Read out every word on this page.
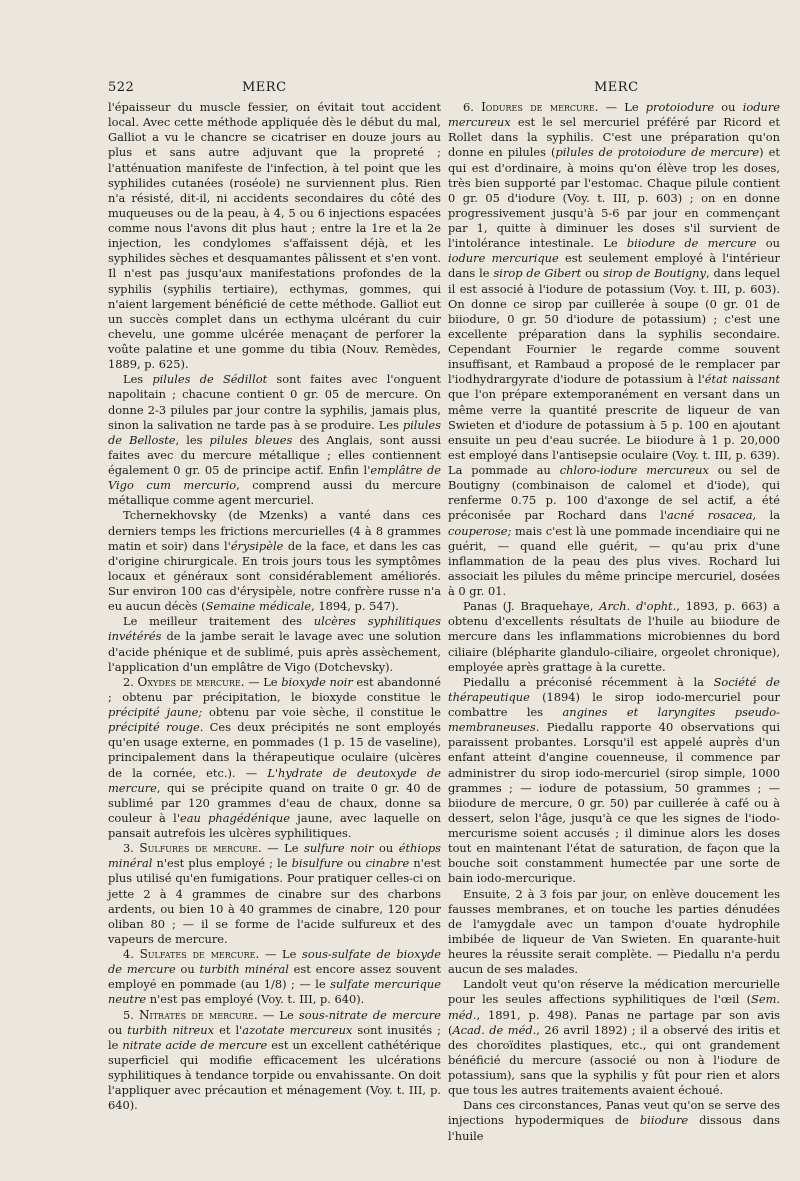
522	MERC	MERC

l'épaisseur du muscle fessier, on évitait tout accident local. Avec cette méthode appliquée dès le début du mal, Galliot a vu le chancre se cicatriser en douze jours au plus et sans autre adjuvant que la propreté ; l'atténuation manifeste de l'infection, à tel point que les syphilides cutanées (roséole) ne surviennent plus. Rien n'a résisté, dit-il, ni accidents secondaires du côté des muqueuses ou de la peau, à 4, 5 ou 6 injections espacées comme nous l'avons dit plus haut ; entre la 1re et la 2e injection, les condylomes s'affaissent déjà, et les syphilides sèches et desquamantes pâlissent et s'en vont. Il n'est pas jusqu'aux manifestations profondes de la syphilis (syphilis tertiaire), ecthymas, gommes, qui n'aient largement bénéficié de cette méthode. Galliot eut un succès complet dans un ecthyma ulcérant du cuir chevelu, une gomme ulcérée menaçant de perforer la voûte palatine et une gomme du tibia (Nouv. Remèdes, 1889, p. 625).

Les pilules de Sédillot sont faites avec l'onguent napolitain ; chacune contient 0 gr. 05 de mercure. On donne 2-3 pilules par jour contre la syphilis, jamais plus, sinon la salivation ne tarde pas à se produire. Les pilules de Belloste, les pilules bleues des Anglais, sont aussi faites avec du mercure métallique ; elles contiennent également 0 gr. 05 de principe actif. Enfin l'emplâtre de Vigo cum mercurio, comprend aussi du mercure métallique comme agent mercuriel.

Tchernekhovsky (de Mzenks) a vanté dans ces derniers temps les frictions mercurielles (4 à 8 grammes matin et soir) dans l'érysipèle de la face, et dans les cas d'origine chirurgicale. En trois jours tous les symptômes locaux et généraux sont considérablement améliorés. Sur environ 100 cas d'érysipèle, notre confrère russe n'a eu aucun décès (Semaine médicale, 1894, p. 547).

Le meilleur traitement des ulcères syphilitiques invétérés de la jambe serait le lavage avec une solution d'acide phénique et de sublimé, puis après assèchement, l'application d'un emplâtre de Vigo (Dotchevsky).

2. Oxydes de mercure. — Le bioxyde noir est abandonné ; obtenu par précipitation, le bioxyde constitue le précipité jaune; obtenu par voie sèche, il constitue le précipité rouge. Ces deux précipités ne sont employés qu'en usage externe, en pommades (1 p. 15 de vaseline), principalement dans la thérapeutique oculaire (ulcères de la cornée, etc.). — L'hydrate de deutoxyde de mercure, qui se précipite quand on traite 0 gr. 40 de sublimé par 120 grammes d'eau de chaux, donne sa couleur à l'eau phagédénique jaune, avec laquelle on pansait autrefois les ulcères syphilitiques.

3. Sulfures de mercure. — Le sulfure noir ou éthiops minéral n'est plus employé ; le bisulfure ou cinabre n'est plus utilisé qu'en fumigations. Pour pratiquer celles-ci on jette 2 à 4 grammes de cinabre sur des charbons ardents, ou bien 10 à 40 grammes de cinabre, 120 pour oliban 80 ; — il se forme de l'acide sulfureux et des vapeurs de mercure.

4. Sulfates de mercure. — Le sous-sulfate de bioxyde de mercure ou turbith minéral est encore assez souvent employé en pommade (au 1/8) ; — le sulfate mercurique neutre n'est pas employé (Voy. t. III, p. 640).

5. Nitrates de mercure. — Le sous-nitrate de mercure ou turbith nitreux et l'azotate mercureux sont inusités ; le nitrate acide de mercure est un excellent cathétérique superficiel qui modifie efficacement les ulcérations syphilitiques à tendance torpide ou envahissante. On doit l'appliquer avec précaution et ménagement (Voy. t. III, p. 640).

6. Iodures de mercure. — Le protoiodure ou iodure mercureux est le sel mercuriel préféré par Ricord et Rollet dans la syphilis. C'est une préparation qu'on donne en pilules (pilules de protoiodure de mercure) et qui est d'ordinaire, à moins qu'on élève trop les doses, très bien supporté par l'estomac. Chaque pilule contient 0 gr. 05 d'iodure (Voy. t. III, p. 603) ; on en donne progressivement jusqu'à 5-6 par jour en commençant par 1, quitte à diminuer les doses s'il survient de l'intolérance intestinale. Le biiodure de mercure ou iodure mercurique est seulement employé à l'intérieur dans le sirop de Gibert ou sirop de Boutigny, dans lequel il est associé à l'iodure de potassium (Voy. t. III, p. 603). On donne ce sirop par cuillerée à soupe (0 gr. 01 de biiodure, 0 gr. 50 d'iodure de potassium) ; c'est une excellente préparation dans la syphilis secondaire. Cependant Fournier le regarde comme souvent insuffisant, et Rambaud a proposé de le remplacer par l'iodhydrargyrate d'iodure de potassium à l'état naissant que l'on prépare extemporanément en versant dans un même verre la quantité prescrite de liqueur de van Swieten et d'iodure de potassium à 5 p. 100 en ajoutant ensuite un peu d'eau sucrée. Le biiodure à 1 p. 20,000 est employé dans l'antisepsie oculaire (Voy. t. III, p. 639). La pommade au chloro-iodure mercureux ou sel de Boutigny (combinaison de calomel et d'iode), qui renferme 0.75 p. 100 d'axonge de sel actif, a été préconisée par Rochard dans l'acné rosacea, la couperose; mais c'est là une pommade incendiaire qui ne guérit, — quand elle guérit, — qu'au prix d'une inflammation de la peau des plus vives. Rochard lui associait les pilules du même principe mercuriel, dosées à 0 gr. 01.

Panas (J. Braquehaye, Arch. d'opht., 1893, p. 663) a obtenu d'excellents résultats de l'huile au biiodure de mercure dans les inflammations microbiennes du bord ciliaire (blépharite glandulo-ciliaire, orgeolet chronique), employée après grattage à la curette.

Piedallu a préconisé récemment à la Société de thérapeutique (1894) le sirop iodo-mercuriel pour combattre les angines et laryngites pseudo-membraneuses. Piedallu rapporte 40 observations qui paraissent probantes. Lorsqu'il est appelé auprès d'un enfant atteint d'angine couenneuse, il commence par administrer du sirop iodo-mercuriel (sirop simple, 1000 grammes ; — iodure de potassium, 50 grammes ; — biiodure de mercure, 0 gr. 50) par cuillerée à café ou à dessert, selon l'âge, jusqu'à ce que les signes de l'iodo-mercurisme soient accusés ; il diminue alors les doses tout en maintenant l'état de saturation, de façon que la bouche soit constamment humectée par une sorte de bain iodo-mercurique.

Ensuite, 2 à 3 fois par jour, on enlève doucement les fausses membranes, et on touche les parties dénudées de l'amygdale avec un tampon d'ouate hydrophile imbibée de liqueur de Van Swieten. En quarante-huit heures la réussite serait complète. — Piedallu n'a perdu aucun de ses malades.

Landolt veut qu'on réserve la médication mercurielle pour les seules affections syphilitiques de l'œil (Sem. méd., 1891, p. 498). Panas ne partage par son avis (Acad. de méd., 26 avril 1892) ; il a observé des iritis et des choroïdites plastiques, etc., qui ont grandement bénéficié du mercure (associé ou non à l'iodure de potassium), sans que la syphilis y fût pour rien et alors que tous les autres traitements avaient échoué.

Dans ces circonstances, Panas veut qu'on se serve des injections hypodermiques de biiodure dissous dans l'huile
